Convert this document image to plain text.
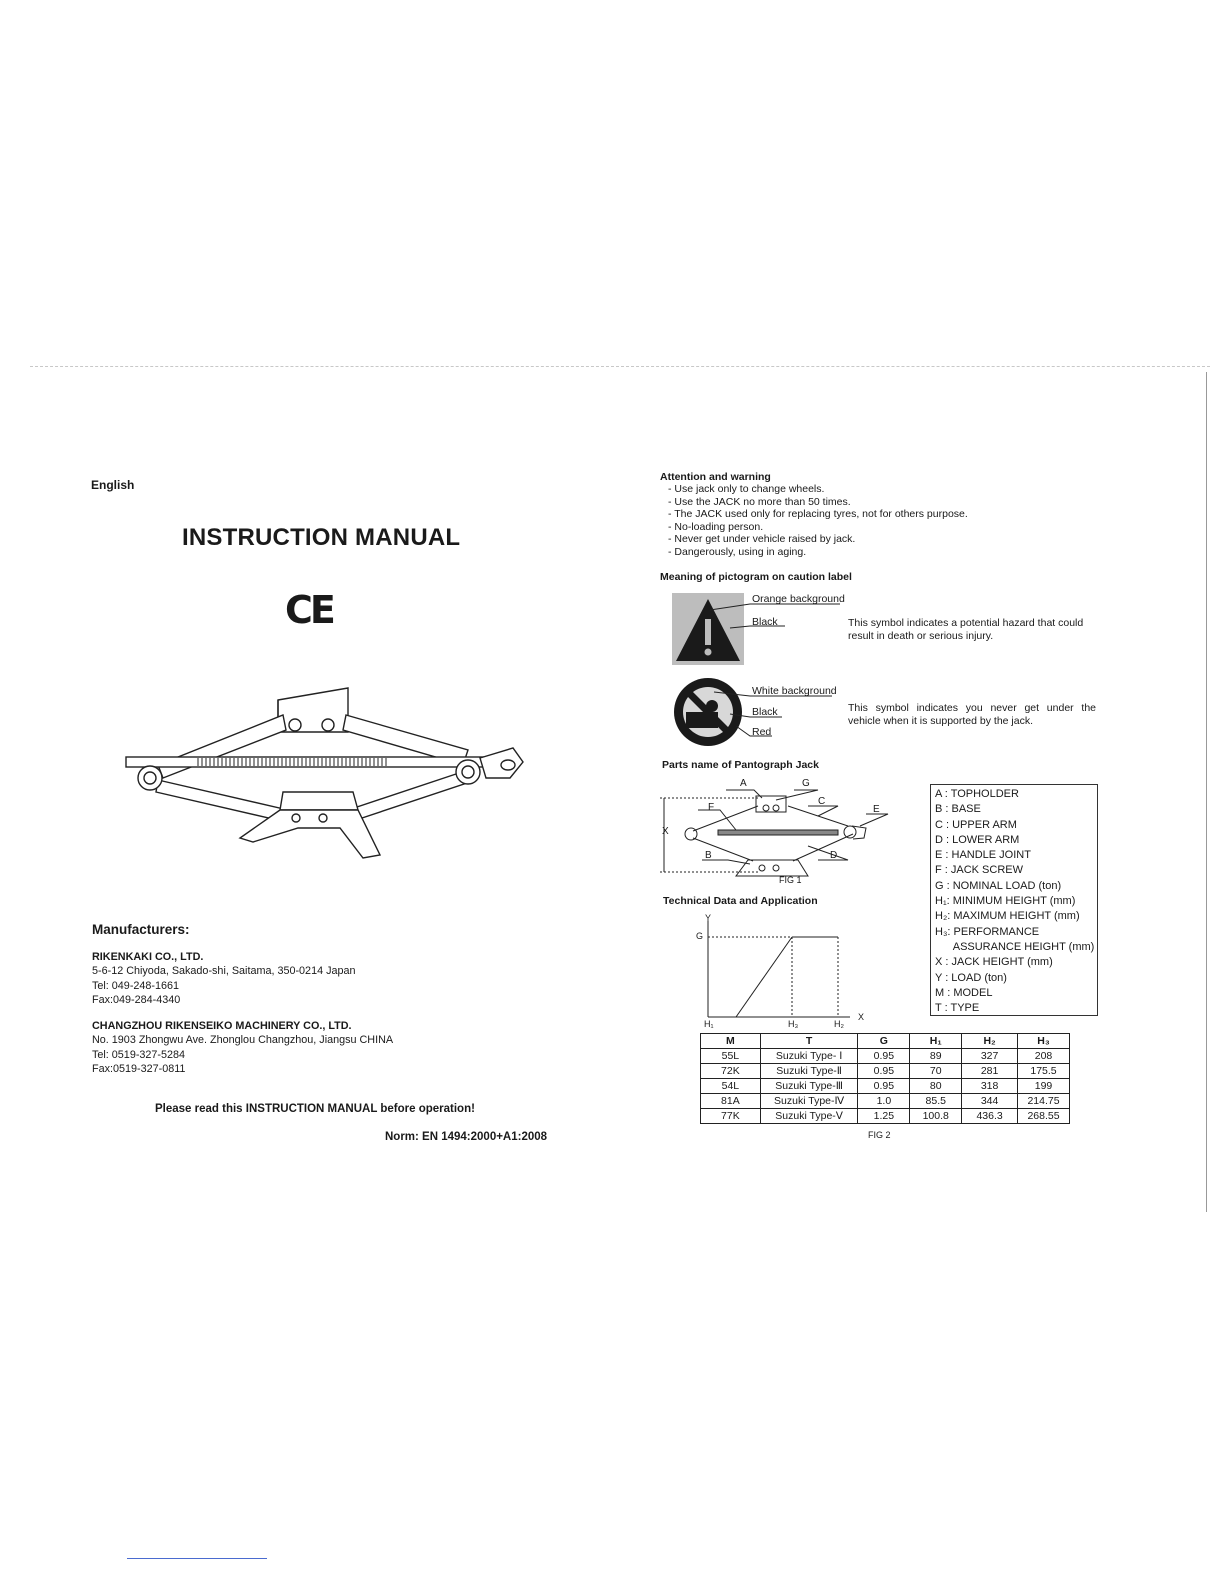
English
INSTRUCTION MANUAL
CE
Manufacturers:
RIKENKAKI CO., LTD.
5-6-12 Chiyoda, Sakado-shi, Saitama, 350-0214 Japan
Tel: 049-248-1661
Fax:049-284-4340
CHANGZHOU RIKENSEIKO MACHINERY CO., LTD.
No. 1903 Zhongwu Ave. Zhonglou Changzhou, Jiangsu CHINA
Tel: 0519-327-5284
Fax:0519-327-0811
Please read this INSTRUCTION MANUAL before operation!
Norm: EN 1494:2000+A1:2008
Attention and warning
- Use jack only to change wheels.
- Use the JACK no more than 50 times.
- The JACK used only for replacing tyres, not for others purpose.
- No-loading person.
- Never get under vehicle raised by jack.
- Dangerously, using in aging.
Meaning of pictogram on caution label
Orange background
Black	This symbol indicates a potential hazard that could result in death or serious injury.
White background
Black
Red
This symbol indicates you never get under the vehicle when it is supported by the jack.
Parts name of Pantograph Jack
A	G
F
C
E
X
B	D
FIG 1
Technical Data and Application
Y
X
G
H₁	H₃	H₂
A : TOPHOLDER
B : BASE
C : UPPER ARM
D : LOWER ARM
E : HANDLE JOINT
F : JACK SCREW
G : NOMINAL LOAD (ton)
H₁: MINIMUM HEIGHT (mm)
H₂: MAXIMUM HEIGHT (mm)
H₃: PERFORMANCE
ASSURANCE HEIGHT (mm)
X : JACK HEIGHT (mm)
Y : LOAD (ton)
M : MODEL
T : TYPE
M	T	G	H₁	H₂	H₃
55L	Suzuki Type- Ⅰ	0.95	89	327	208
72K	Suzuki Type-Ⅱ	0.95	70	281	175.5
54L	Suzuki Type-Ⅲ	0.95	80	318	199
81A	Suzuki Type-Ⅳ	1.0	85.5	344	214.75
77K	Suzuki Type-Ⅴ	1.25	100.8	436.3	268.55
FIG 2
